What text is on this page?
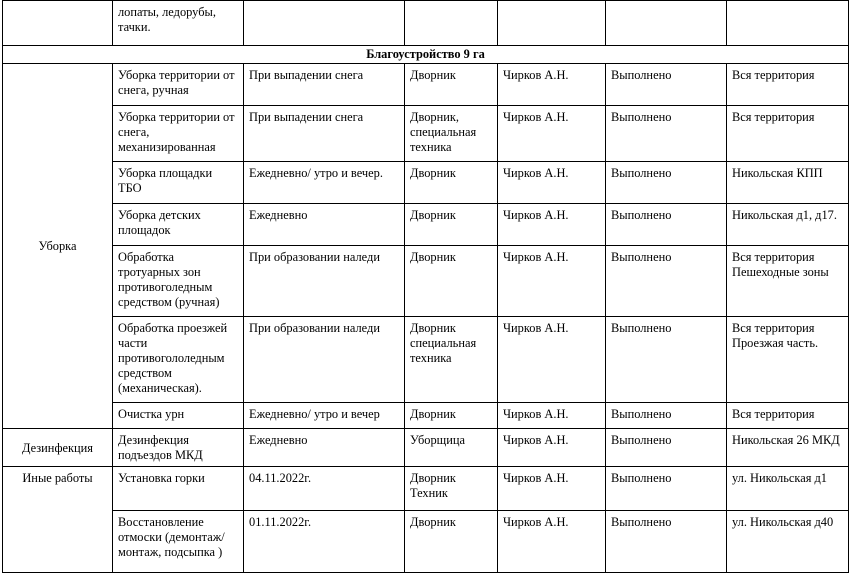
	лопаты, ледорубы, тачки.					
Благоустройство 9 га						
Уборка	Уборка территории от снега, ручная	При выпадении снега	Дворник	Чирков А.Н.	Выполнено	Вся территория
	Уборка территории от снега, механизированная	При выпадении снега	Дворник, специальная техника	Чирков А.Н.	Выполнено	Вся территория
	Уборка площадки ТБО	Ежедневно/ утро и вечер.	Дворник	Чирков А.Н.	Выполнено	Никольская КПП
	Уборка детских площадок	Ежедневно	Дворник	Чирков А.Н.	Выполнено	Никольская д1, д17.
	Обработка тротуарных зон противоголедным средством (ручная)	При образовании наледи	Дворник	Чирков А.Н.	Выполнено	Вся территория Пешеходные зоны
	Обработка проезжей части противогололедным средством (механическая).	При образовании наледи	Дворник специальная техника	Чирков А.Н.	Выполнено	Вся территория Проезжая часть.
	Очистка урн	Ежедневно/ утро и вечер	Дворник	Чирков А.Н.	Выполнено	Вся территория
Дезинфекция	Дезинфекция подъездов МКД	Ежедневно	Уборщица	Чирков А.Н.	Выполнено	Никольская 26 МКД
Иные работы	Установка горки	04.11.2022г.	Дворник Техник	Чирков А.Н.	Выполнено	ул. Никольская д1
	Восстановление отмоски (демонтаж/монтаж, подсыпка )	01.11.2022г.	Дворник	Чирков А.Н.	Выполнено	ул. Никольская д40
